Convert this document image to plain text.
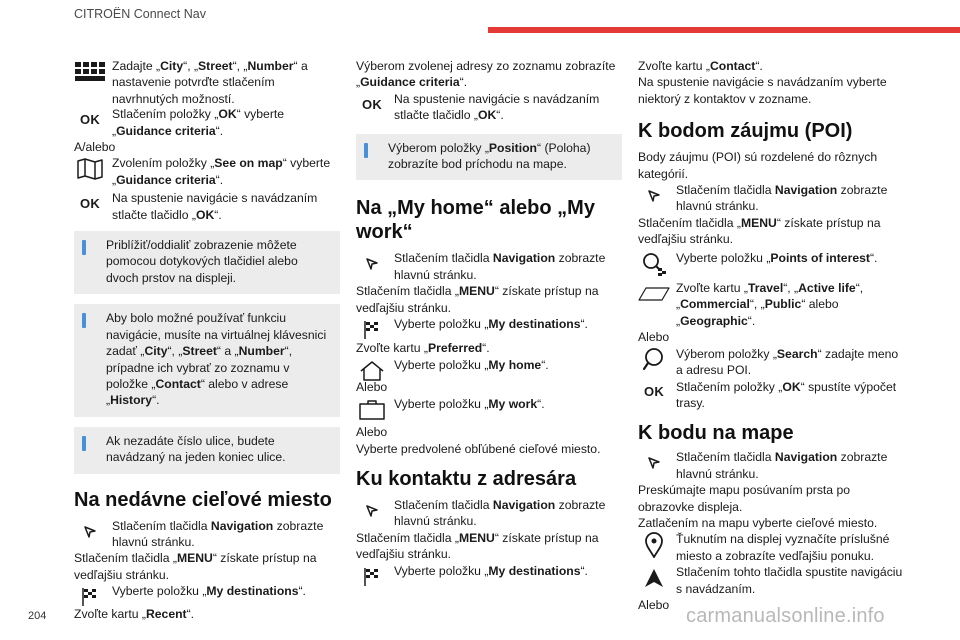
CITROËN Connect Nav

Zadajte „City“, „Street“, „Number“ a nastavenie potvrďte stlačením navrhnutých možností.

OK Stlačením položky „OK“ vyberte „Guidance criteria“.

A/alebo

Zvolením položky „See on map“ vyberte „Guidance criteria“.

OK Na spustenie navigácie s navádzaním stlačte tlačidlo „OK“.

Priblížiť/oddialiť zobrazenie môžete pomocou dotykových tlačidiel alebo dvoch prstov na displeji.

Aby bolo možné používať funkciu navigácie, musíte na virtuálnej klávesnici zadať „City“, „Street“ a „Number“, prípadne ich vybrať zo zoznamu v položke „Contact“ alebo v adrese „History“.

Ak nezadáte číslo ulice, budete navádzaný na jeden koniec ulice.

Na nedávne cieľové miesto

Stlačením tlačidla Navigation zobrazte hlavnú stránku.

Stlačením tlačidla „MENU“ získate prístup na vedľajšiu stránku.

Vyberte položku „My destinations“.

Zvoľte kartu „Recent“.

Výberom zvolenej adresy zo zoznamu zobrazíte „Guidance criteria“.

OK Na spustenie navigácie s navádzaním stlačte tlačidlo „OK“.

Výberom položky „Position“ (Poloha) zobrazíte bod príchodu na mape.

Na „My home“ alebo „My work“

Stlačením tlačidla Navigation zobrazte hlavnú stránku.

Stlačením tlačidla „MENU“ získate prístup na vedľajšiu stránku.

Vyberte položku „My destinations“.

Zvoľte kartu „Preferred“.

Vyberte položku „My home“.

Alebo

Vyberte položku „My work“.

Alebo

Vyberte predvolené obľúbené cieľové miesto.

Ku kontaktu z adresára

Stlačením tlačidla Navigation zobrazte hlavnú stránku.

Stlačením tlačidla „MENU“ získate prístup na vedľajšiu stránku.

Vyberte položku „My destinations“.

Zvoľte kartu „Contact“.

Na spustenie navigácie s navádzaním vyberte niektorý z kontaktov v zozname.

K bodom záujmu (POI)

Body záujmu (POI) sú rozdelené do rôznych kategórií.

Stlačením tlačidla Navigation zobrazte hlavnú stránku.

Stlačením tlačidla „MENU“ získate prístup na vedľajšiu stránku.

Vyberte položku „Points of interest“.

Zvoľte kartu „Travel“, „Active life“, „Commercial“, „Public“ alebo „Geographic“.

Alebo

Výberom položky „Search“ zadajte meno a adresu POI.

OK Stlačením položky „OK“ spustíte výpočet trasy.

K bodu na mape

Stlačením tlačidla Navigation zobrazte hlavnú stránku.

Preskúmajte mapu posúvaním prsta po obrazovke displeja.

Zatlačením na mapu vyberte cieľové miesto.

Ťuknutím na displej vyznačíte príslušné miesto a zobrazíte vedľajšiu ponuku.

Stlačením tohto tlačidla spustite navigáciu s navádzaním.

Alebo

204	carmanualsonline.info
